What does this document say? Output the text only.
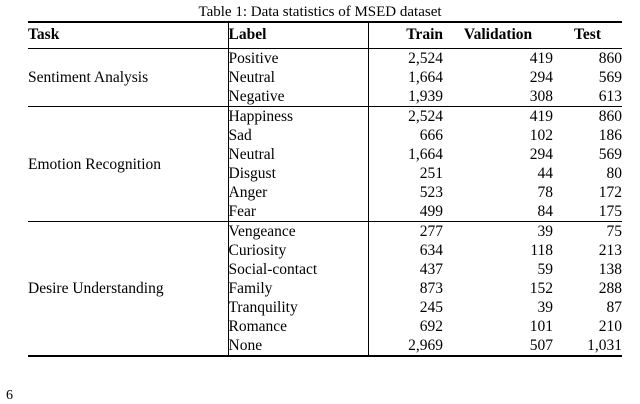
Table 1: Data statistics of MSED dataset
Task	Label	Train	Validation	Test
Sentiment Analysis	Positive	2,524	419	860
	Neutral	1,664	294	569
	Negative	1,939	308	613
Emotion Recognition	Happiness	2,524	419	860
	Sad	666	102	186
	Neutral	1,664	294	569
	Disgust	251	44	80
	Anger	523	78	172
	Fear	499	84	175
Desire Understanding	Vengeance	277	39	75
	Curiosity	634	118	213
	Social-contact	437	59	138
	Family	873	152	288
	Tranquility	245	39	87
	Romance	692	101	210
	None	2,969	507	1,031
6
